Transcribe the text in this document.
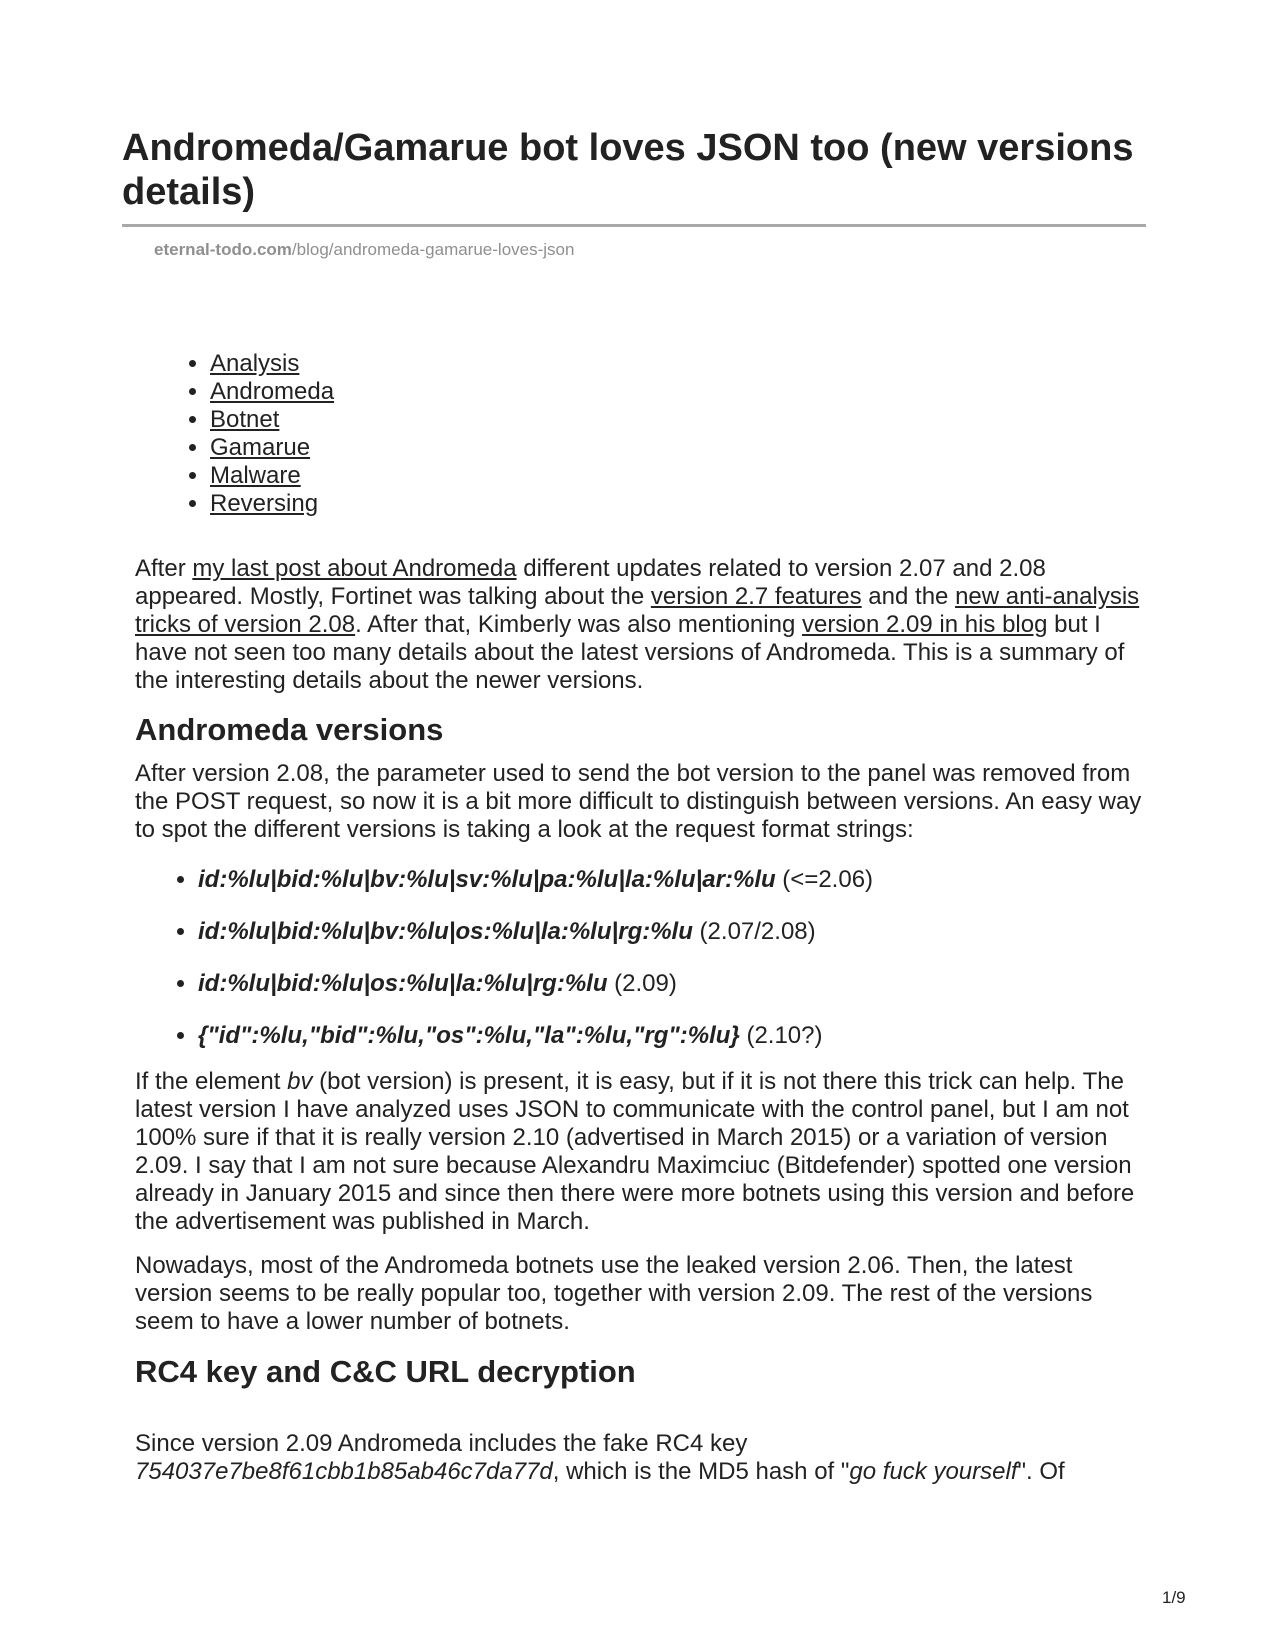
Andromeda/Gamarue bot loves JSON too (new versions details)
eternal-todo.com/blog/andromeda-gamarue-loves-json
• Analysis
• Andromeda
• Botnet
• Gamarue
• Malware
• Reversing

After my last post about Andromeda different updates related to version 2.07 and 2.08 appeared. Mostly, Fortinet was talking about the version 2.7 features and the new anti-analysis tricks of version 2.08. After that, Kimberly was also mentioning version 2.09 in his blog but I have not seen too many details about the latest versions of Andromeda. This is a summary of the interesting details about the newer versions.

Andromeda versions

After version 2.08, the parameter used to send the bot version to the panel was removed from the POST request, so now it is a bit more difficult to distinguish between versions. An easy way to spot the different versions is taking a look at the request format strings:

• id:%lu|bid:%lu|bv:%lu|sv:%lu|pa:%lu|la:%lu|ar:%lu (<=2.06)
• id:%lu|bid:%lu|bv:%lu|os:%lu|la:%lu|rg:%lu (2.07/2.08)
• id:%lu|bid:%lu|os:%lu|la:%lu|rg:%lu (2.09)
• {"id":%lu,"bid":%lu,"os":%lu,"la":%lu,"rg":%lu} (2.10?)

If the element bv (bot version) is present, it is easy, but if it is not there this trick can help. The latest version I have analyzed uses JSON to communicate with the control panel, but I am not 100% sure if that it is really version 2.10 (advertised in March 2015) or a variation of version 2.09. I say that I am not sure because Alexandru Maximciuc (Bitdefender) spotted one version already in January 2015 and since then there were more botnets using this version and before the advertisement was published in March.

Nowadays, most of the Andromeda botnets use the leaked version 2.06. Then, the latest version seems to be really popular too, together with version 2.09. The rest of the versions seem to have a lower number of botnets.

RC4 key and C&C URL decryption

Since version 2.09 Andromeda includes the fake RC4 key 754037e7be8f61cbb1b85ab46c7da77d, which is the MD5 hash of "go fuck yourself". Of

1/9
